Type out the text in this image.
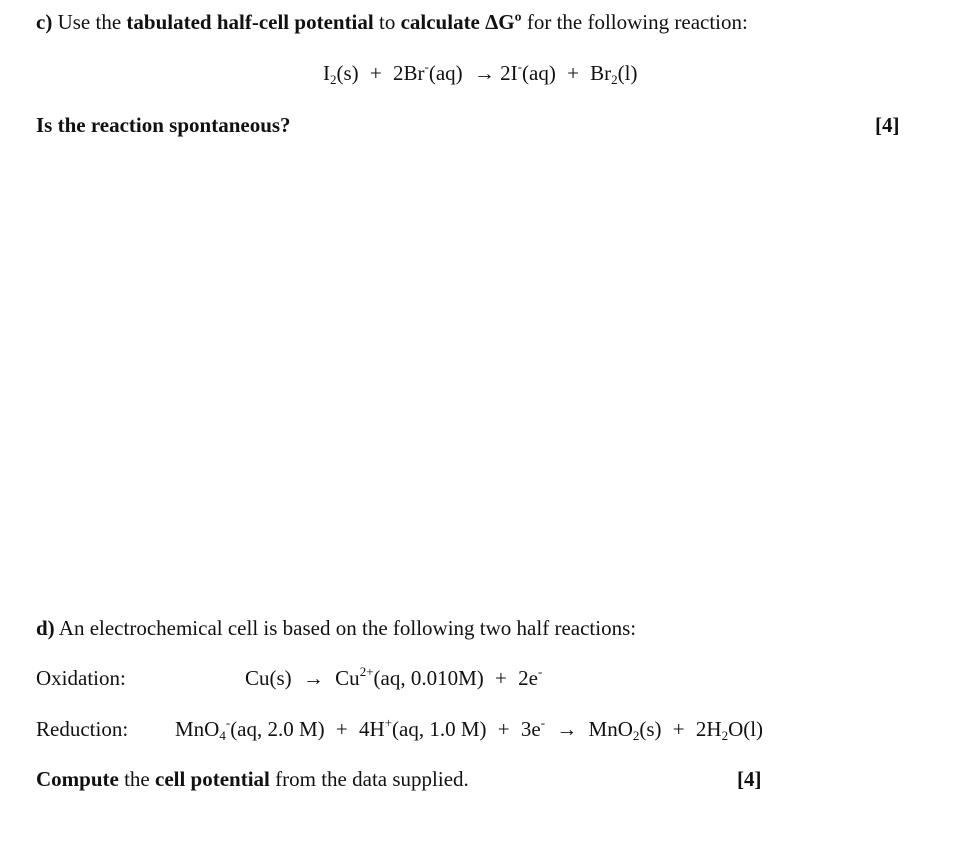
c) Use the tabulated half-cell potential to calculate ΔGº for the following reaction:
$I_2(s) + 2Br^-(aq) \to 2I^-(aq) + Br_2(l)$
Is the reaction spontaneous?	[4]
d) An electrochemical cell is based on the following two half reactions:
Oxidation:	$Cu(s) \to Cu^{2+}(aq$, 0.010M) + 2e-
Reduction: MnO$_4$-(aq, 2.0 M) + 4H+(aq, 1.0 $M) + 3e^- \to MnO_2(s) + 2H_2O(l)$
Compute the cell potential from the data supplied.	[4]
